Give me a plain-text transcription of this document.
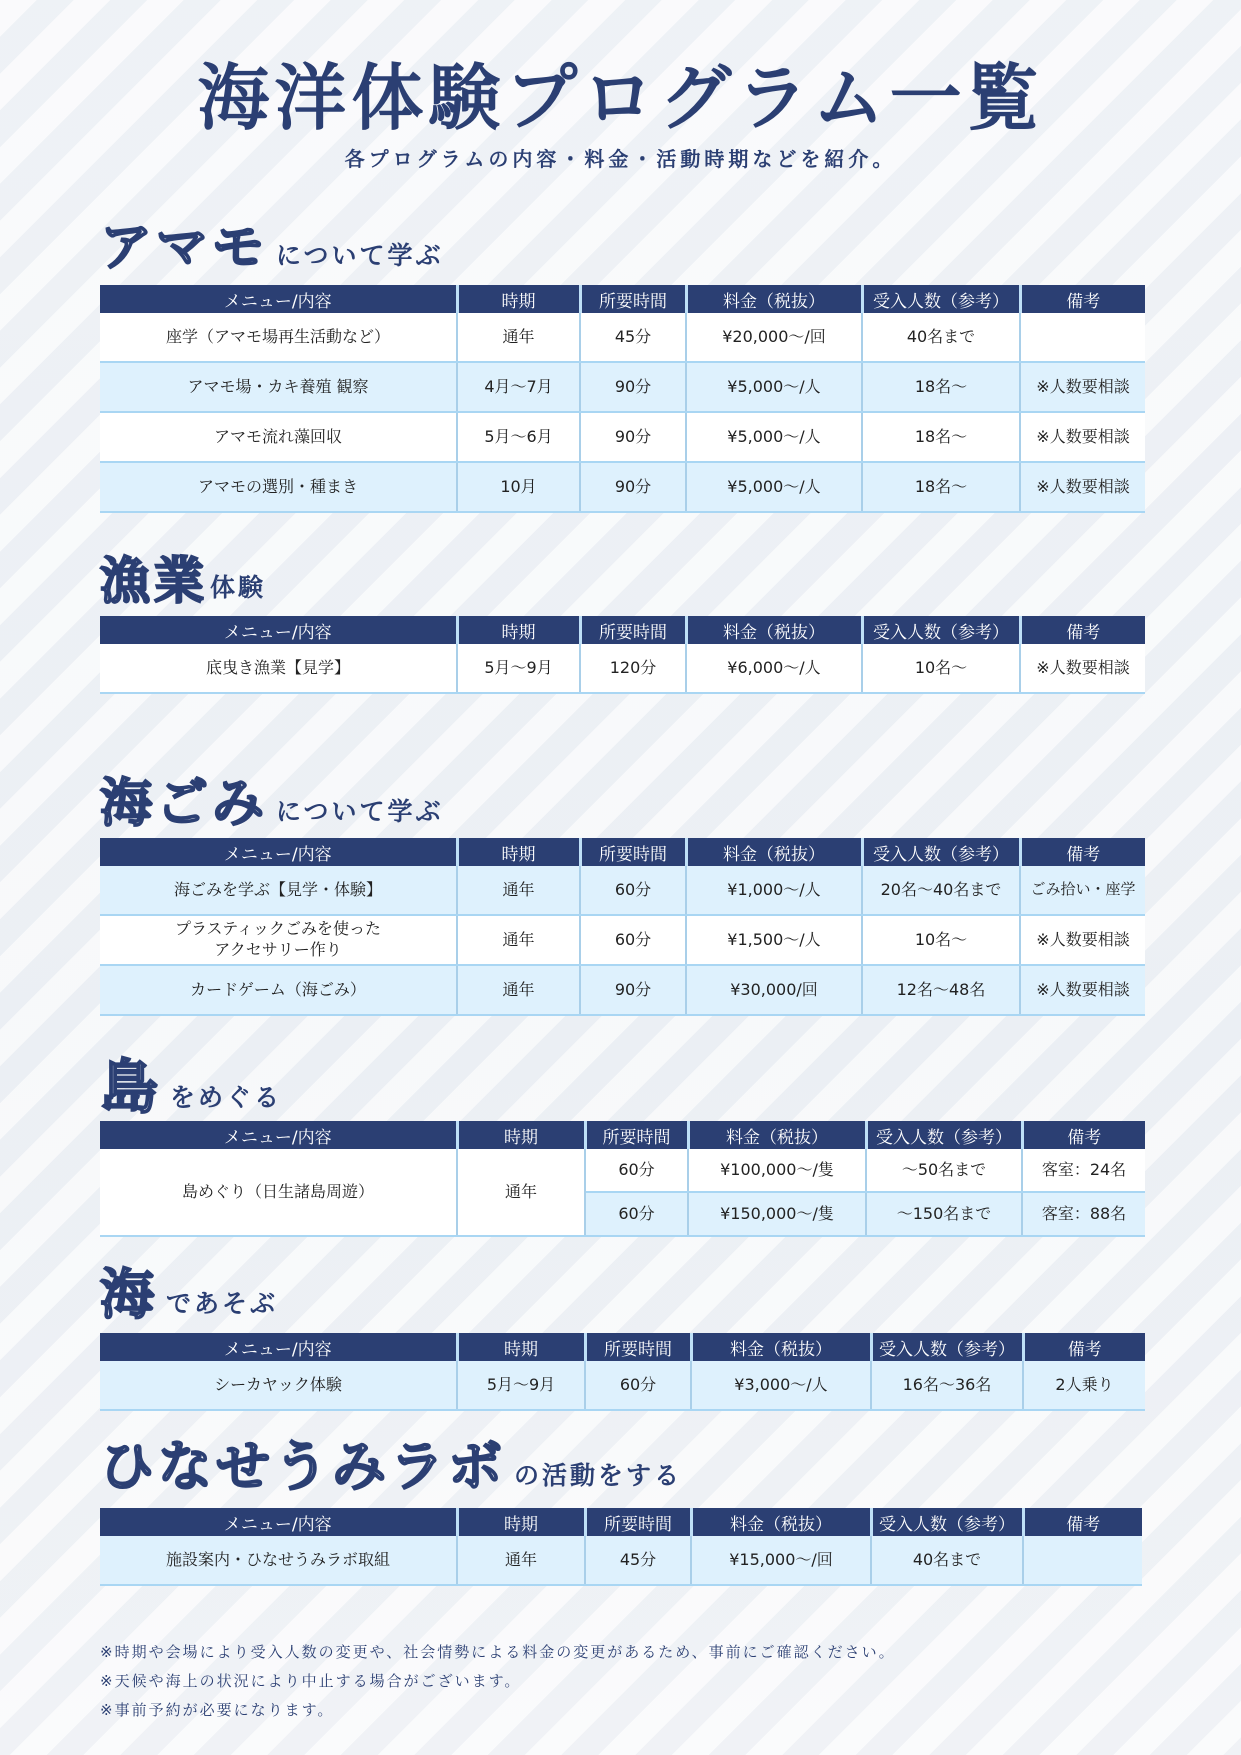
海洋体験プログラム一覧
各プログラムの内容・料金・活動時期などを紹介。
アマモ について学ぶ
メニュー/内容	時期	所要時間	料金（税抜）	受入人数（参考）	備考
座学（アマモ場再生活動など）	通年	45分	¥20,000～/回	40名まで	
アマモ場・カキ養殖 観察	4月～7月	90分	¥5,000～/人	18名～	※人数要相談
アマモ流れ藻回収	5月～6月	90分	¥5,000～/人	18名～	※人数要相談
アマモの選別・種まき	10月	90分	¥5,000～/人	18名～	※人数要相談
漁業 体験
メニュー/内容	時期	所要時間	料金（税抜）	受入人数（参考）	備考
底曳き漁業【見学】	5月～9月	120分	¥6,000～/人	10名～	※人数要相談
海ごみ について学ぶ
メニュー/内容	時期	所要時間	料金（税抜）	受入人数（参考）	備考
海ごみを学ぶ【見学・体験】	通年	60分	¥1,000～/人	20名～40名まで	ごみ拾い・座学
プラスティックごみを使った アクセサリー作り	通年	60分	¥1,500～/人	10名～	※人数要相談
カードゲーム（海ごみ）	通年	90分	¥30,000/回	12名～48名	※人数要相談
島 をめぐる
メニュー/内容	時期	所要時間	料金（税抜）	受入人数（参考）	備考
島めぐり（日生諸島周遊）	通年	60分	¥100,000～/隻	～50名まで	客室：24名
		60分	¥150,000～/隻	～150名まで	客室：88名
海 であそぶ
メニュー/内容	時期	所要時間	料金（税抜）	受入人数（参考）	備考
シーカヤック体験	5月～9月	60分	¥3,000～/人	16名～36名	2人乗り
ひなせうみラボ の活動をする
メニュー/内容	時期	所要時間	料金（税抜）	受入人数（参考）	備考
施設案内・ひなせうみラボ取組	通年	45分	¥15,000～/回	40名まで	
※時期や会場により受入人数の変更や、社会情勢による料金の変更があるため、事前にご確認ください。
※天候や海上の状況により中止する場合がございます。
※事前予約が必要になります。
